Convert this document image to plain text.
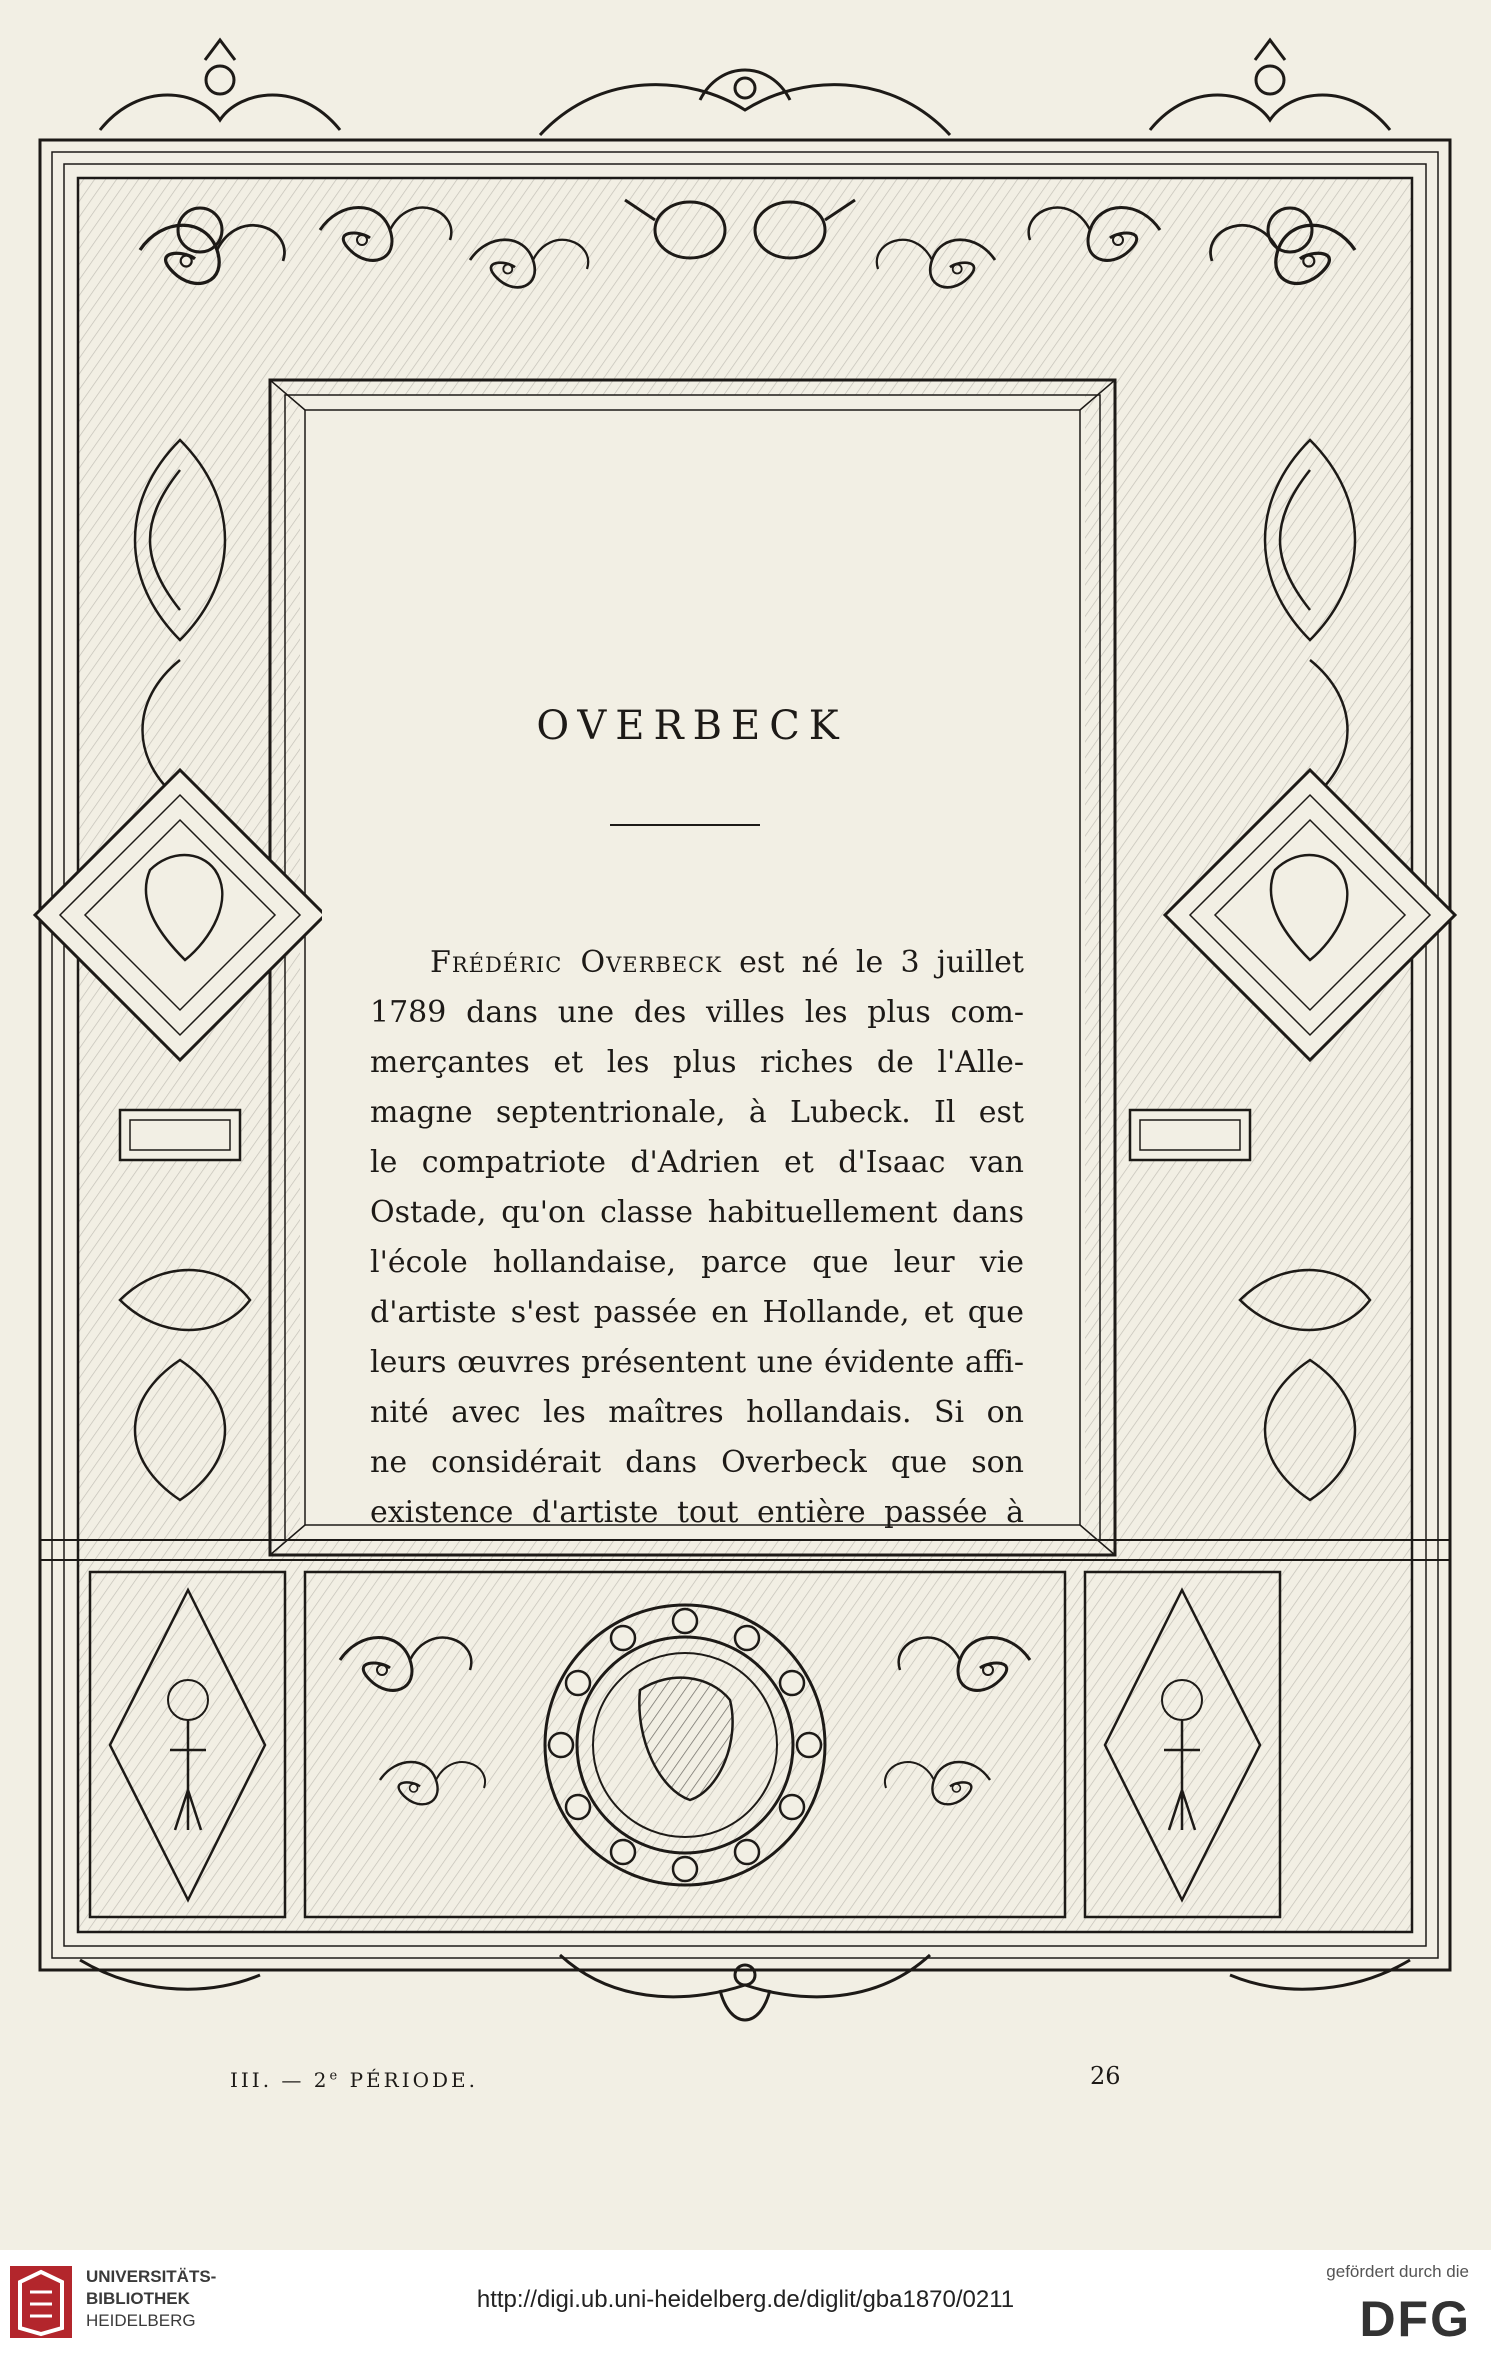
OVERBECK
Frédéric Overbeck est né le 3 juillet
1789 dans une des villes les plus com-
merçantes et les plus riches de l'Alle-
magne septentrionale, à Lubeck. Il est
le compatriote d'Adrien et d'Isaac van
Ostade, qu'on classe habituellement dans
l'école hollandaise, parce que leur vie
d'artiste s'est passée en Hollande, et que
leurs œuvres présentent une évidente affi-
nité avec les maîtres hollandais. Si on
ne considérait dans Overbeck que son
existence d'artiste tout entière passée à
III. — 2e PÉRIODE.	26
UNIVERSITÄTS-
BIBLIOTHEK
HEIDELBERG
http://digi.ub.uni-heidelberg.de/diglit/gba1870/0211
gefördert durch die
DFG
